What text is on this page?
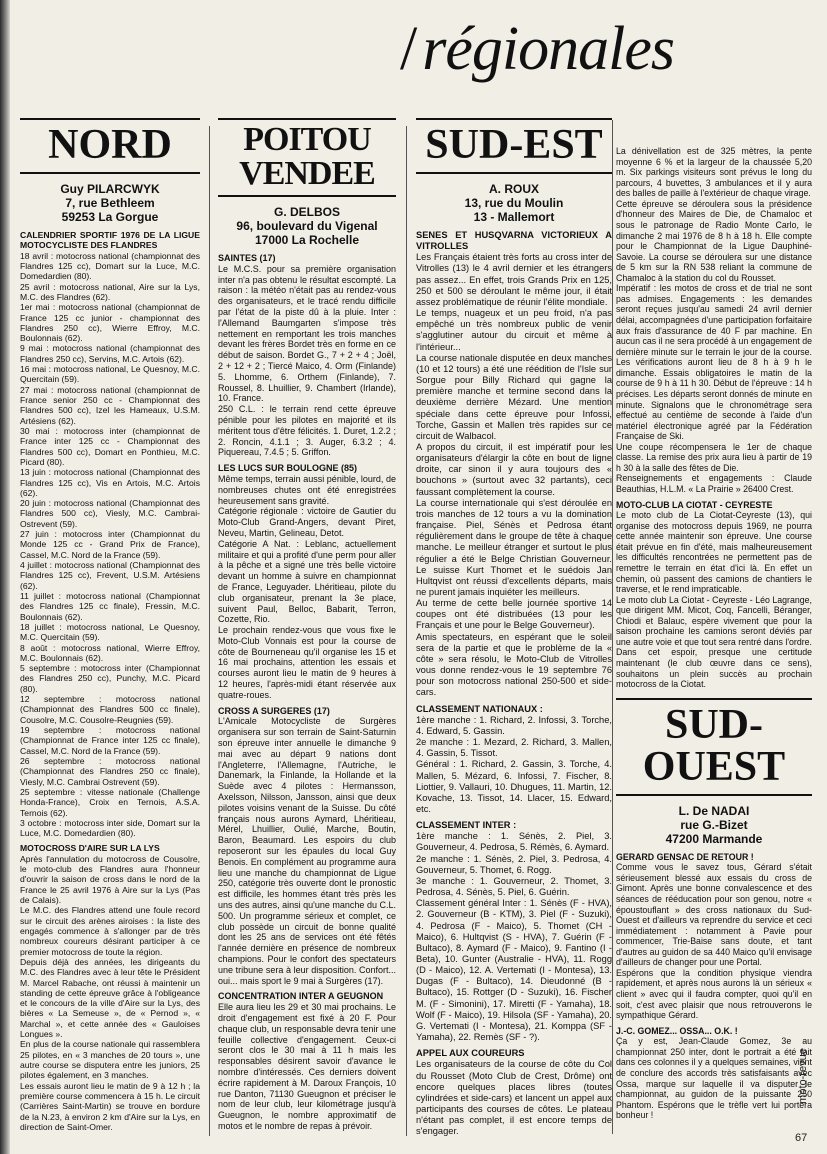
/régionales
NORD
Guy PILARCWYK
7, rue Bethleem
59253 La Gorgue

CALENDRIER SPORTIF 1976 DE LA LIGUE MOTOCYCLISTE DES FLANDRES

18 avril : motocross national (championnat des Flandres 125 cc), Domart sur la Luce, M.C. Domedardien (80).

25 avril : motocross national, Aire sur la Lys, M.C. des Flandres (62).

1er mai : motocross national (championnat de France 125 cc junior - championnat des Flandres 250 cc), Wierre Effroy, M.C. Boulonnais (62).

9 mai : motocross national (championnat des Flandres 250 cc), Servins, M.C. Artois (62).

16 mai : motocross national, Le Quesnoy, M.C. Quercitain (59).

27 mai : motocross national (championnat de France senior 250 cc - Championnat des Flandres 500 cc), Izel les Hameaux, U.S.M. Artésiens (62).

30 mai : motocross inter (championnat de France inter 125 cc - Championnat des Flandres 500 cc), Domart en Ponthieu, M.C. Picard (80).

13 juin : motocross national (Championnat des Flandres 125 cc), Vis en Artois, M.C. Artois (62).

20 juin : motocross national (Championnat des Flandres 500 cc), Viesly, M.C. Cambrai-Ostrevent (59).

27 juin : motocross inter (Championnat du Monde 125 cc - Grand Prix de France), Cassel, M.C. Nord de la France (59).

4 juillet : motocross national (Championnat des Flandres 125 cc), Frevent, U.S.M. Artésiens (62).

11 juillet : motocross national (Championnat des Flandres 125 cc finale), Fressin, M.C. Boulonnais (62).

18 juillet : motocross national, Le Quesnoy, M.C. Quercitain (59).

8 août : motocross national, Wierre Effroy, M.C. Boulonnais (62).

5 septembre : motocross inter (Championnat des Flandres 250 cc), Punchy, M.C. Picard (80).

12 septembre : motocross national (Championnat des Flandres 500 cc finale), Cousolre, M.C. Cousolre-Reugnies (59).

19 septembre : motocross national (Championnat de France inter 125 cc finale), Cassel, M.C. Nord de la France (59).

26 septembre : motocross national (Championnat des Flandres 250 cc finale), Viesly, M.C. Cambrai Ostrevent (59).

25 septembre : vitesse nationale (Challenge Honda-France), Croix en Ternois, A.S.A. Ternois (62).

3 octobre : motocross inter side, Domart sur la Luce, M.C. Domedardien (80).

MOTOCROSS D'AIRE SUR LA LYS

Après l'annulation du motocross de Cousolre, le moto-club des Flandres aura l'honneur d'ouvrir la saison de cross dans le nord de la France le 25 avril 1976 à Aire sur la Lys (Pas de Calais).

Le M.C. des Flandres attend une foule record sur le circuit des arènes airoises : la liste des engagés commence à s'allonger par de très nombreux coureurs désirant participer à ce premier motocross de toute la région.

Depuis déjà des années, les dirigeants du M.C. des Flandres avec à leur tête le Président M. Marcel Rabache, ont réussi à maintenir un standing de cette épreuve grâce à l'obligeance et le concours de la ville d'Aire sur la Lys, des bières « La Semeuse », de « Pernod », « Marchal », et cette année des « Gauloises Longues ».

En plus de la course nationale qui rassemblera 25 pilotes, en « 3 manches de 20 tours », une autre course se disputera entre les juniors, 25 pilotes également, en 3 manches.

Les essais auront lieu le matin de 9 à 12 h ; la première course commencera à 15 h. Le circuit (Carrières Saint-Martin) se trouve en bordure de la N.23, à environ 2 km d'Aire sur la Lys, en direction de Saint-Omer.

POITOU
VENDEE
G. DELBOS
96, boulevard du Vigenal
17000 La Rochelle

SAINTES (17)

Le M.C.S. pour sa première organisation inter n'a pas obtenu le résultat escompté. La raison : la météo n'était pas au rendez-vous des organisateurs, et le tracé rendu difficile par l'état de la piste dû à la pluie. Inter : l'Allemand Baumgarten s'impose très nettement en remportant les trois manches devant les frères Bordet très en forme en ce début de saison. Bordet G., 7 + 2 + 4 ; Joël, 2 + 12 + 2 ; Tiercé Maico, 4. Orm (Finlande) 5. Lhomme, 6. Orthem (Finlande), 7. Roussel, 8. Lhuillier, 9. Chambert (Irlande), 10. France.

250 C.L. : le terrain rend cette épreuve pénible pour les pilotes en majorité et ils méritent tous d'être félicités. 1. Duret, 1.2.2 ; 2. Roncin, 4.1.1 ; 3. Auger, 6.3.2 ; 4. Piquereau, 7.4.5 ; 5. Griffon.

LES LUCS SUR BOULOGNE (85)

Même temps, terrain aussi pénible, lourd, de nombreuses chutes ont été enregistrées heureusement sans gravité.

Catégorie régionale : victoire de Gautier du Moto-Club Grand-Angers, devant Piret, Neveu, Martin, Gelineau, Detot.

Catégorie A Nat. : Leblanc, actuellement militaire et qui a profité d'une perm pour aller à la pêche et a signé une très belle victoire devant un homme à suivre en championnat de France, Leguyader. Lhéritieau, pilote du club organisateur, prenant la 3e place, suivent Paul, Belloc, Babarit, Terron, Cozette, Rio.

Le prochain rendez-vous que vous fixe le Moto-Club Vonnais est pour la course de côte de Bourneneau qu'il organise les 15 et 16 mai prochains, attention les essais et courses auront lieu le matin de 9 heures à 12 heures, l'après-midi étant réservée aux quatre-roues.

CROSS A SURGERES (17)

L'Amicale Motocycliste de Surgères organisera sur son terrain de Saint-Saturnin son épreuve inter annuelle le dimanche 9 mai avec au départ 9 nations dont l'Angleterre, l'Allemagne, l'Autriche, le Danemark, la Finlande, la Hollande et la Suède avec 4 pilotes : Hermansson, Axelsson, Nilsson, Jansson, ainsi que deux pilotes voisins venant de la Suisse. Du côté français nous aurons Aymard, Lhéritieau, Mérel, Lhuillier, Oulié, Marche, Boutin, Baron, Beaumard. Les espoirs du club reposeront sur les épaules du local Guy Benois. En complément au programme aura lieu une manche du championnat de Ligue 250, catégorie très ouverte dont le pronostic est difficile, les hommes étant très près les uns des autres, ainsi qu'une manche du C.L. 500. Un programme sérieux et complet, ce club possède un circuit de bonne qualité dont les 25 ans de services ont été fêtés l'année dernière en présence de nombreux champions. Pour le confort des spectateurs une tribune sera à leur disposition. Confort... oui... mais sport le 9 mai à Surgères (17).

CONCENTRATION INTER A GEUGNON

Elle aura lieu les 29 et 30 mai prochains. Le droit d'engagement est fixé à 20 F. Pour chaque club, un responsable devra tenir une feuille collective d'engagement. Ceux-ci seront clos le 30 mai à 11 h mais les responsables désirent savoir d'avance le nombre d'intéressés. Ces derniers doivent écrire rapidement à M. Daroux François, 10 rue Danton, 71130 Gueugnon et préciser le nom de leur club, leur kilométrage jusqu'à Gueugnon, le nombre approximatif de motos et le nombre de repas à prévoir.

SUD-EST
A. ROUX
13, rue du Moulin
13 - Mallemort

SENES ET HUSQVARNA VICTORIEUX A VITROLLES

Les Français étaient très forts au cross inter de Vitrolles (13) le 4 avril dernier et les étrangers pas assez... En effet, trois Grands Prix en 125, 250 et 500 se déroulant le même jour, il était assez problématique de réunir l'élite mondiale.

Le temps, nuageux et un peu froid, n'a pas empêché un très nombreux public de venir s'agglutiner autour du circuit et même à l'intérieur...

La course nationale disputée en deux manches (10 et 12 tours) a été une réédition de l'Isle sur Sorgue pour Billy Richard qui gagne la première manche et termine second dans la deuxième derrière Mézard. Une mention spéciale dans cette épreuve pour Infossi, Torche, Gassin et Mallen très rapides sur ce circuit de Walbacol.

A propos du circuit, il est impératif pour les organisateurs d'élargir la côte en bout de ligne droite, car sinon il y aura toujours des « bouchons » (surtout avec 32 partants), ceci faussant complètement la course.

La course internationale qui s'est déroulée en trois manches de 12 tours a vu la domination française. Piel, Sénès et Pedrosa étant régulièrement dans le groupe de tête à chaque manche. Le meilleur étranger et surtout le plus régulier a été le Belge Christian Gouverneur. Le suisse Kurt Thomet et le suédois Jan Hultqvist ont réussi d'excellents départs, mais ne purent jamais inquiéter les meilleurs.

Au terme de cette belle journée sportive 14 coupes ont été distribuées (13 pour les Français et une pour le Belge Gouverneur).

Amis spectateurs, en espérant que le soleil sera de la partie et que le problème de la « côte » sera résolu, le Moto-Club de Vitrolles vous donne rendez-vous le 19 septembre 76 pour son motocross national 250-500 et side-cars.

CLASSEMENT NATIONAUX :

1ère manche : 1. Richard, 2. Infossi, 3. Torche, 4. Edward, 5. Gassin.

2e manche : 1. Mezard, 2. Richard, 3. Mallen, 4. Gassin, 5. Tissot.

Général : 1. Richard, 2. Gassin, 3. Torche, 4. Mallen, 5. Mézard, 6. Infossi, 7. Fischer, 8. Liottier, 9. Vallauri, 10. Dhugues, 11. Martin, 12. Kovache, 13. Tissot, 14. Llacer, 15. Edward, etc.

CLASSEMENT INTER :

1ère manche : 1. Sénès, 2. Piel, 3. Gouverneur, 4. Pedrosa, 5. Rémès, 6. Aymard.

2e manche : 1. Sénès, 2. Piel, 3. Pedrosa, 4. Gouverneur, 5. Thomet, 6. Rogg.

3e manche : 1. Gouverneur, 2. Thomet, 3. Pedrosa, 4. Sénès, 5. Piel, 6. Guérin.

Classement général Inter : 1. Sénès (F - HVA), 2. Gouverneur (B - KTM), 3. Piel (F - Suzuki), 4. Pedrosa (F - Maico), 5. Thomet (CH - Maico), 6. Hultqvist (S - HVA), 7. Guérin (F - Bultaco), 8. Aymard (F - Maico), 9. Fantino (I - Beta), 10. Gunter (Australie - HVA), 11. Rogg (D - Maico), 12. A. Vertemati (I - Montesa), 13. Dugas (F - Bultaco), 14. Dieudonné (B - Bultaco), 15. Rottger (D - Suzuki), 16. Fischer M. (F - Simonini), 17. Miretti (F - Yamaha), 18. Wolf (F - Maico), 19. Hilsola (SF - Yamaha), 20. G. Vertemati (I - Montesa), 21. Komppa (SF - Yamaha), 22. Remès (SF - ?).

APPEL AUX COUREURS

Les organisateurs de la course de côte du Col du Rousset (Moto Club de Crest, Drôme) ont encore quelques places libres (toutes cylindrées et side-cars) et lancent un appel aux participants des courses de côtes. Le plateau n'étant pas complet, il est encore temps de s'engager.

La dénivellation est de 325 mètres, la pente moyenne 6 % et la largeur de la chaussée 5,20 m. Six parkings visiteurs sont prévus le long du parcours, 4 buvettes, 3 ambulances et il y aura des balles de paille à l'extérieur de chaque virage.

Cette épreuve se déroulera sous la présidence d'honneur des Maires de Die, de Chamaloc et sous le patronage de Radio Monte Carlo, le dimanche 2 mai 1976 de 8 h à 18 h. Elle compte pour le Championnat de la Ligue Dauphiné-Savoie. La course se déroulera sur une distance de 5 km sur la RN 538 reliant la commune de Chamaloc à la station du col du Rousset.

Impératif : les motos de cross et de trial ne sont pas admises. Engagements : les demandes seront reçues jusqu'au samedi 24 avril dernier délai, accompagnées d'une participation forfaitaire aux frais d'assurance de 40 F par machine. En aucun cas il ne sera procédé à un engagement de dernière minute sur le terrain le jour de la course. Les vérifications auront lieu de 8 h à 9 h le dimanche. Essais obligatoires le matin de la course de 9 h à 11 h 30. Début de l'épreuve : 14 h précises. Les départs seront donnés de minute en minute. Signalons que le chronométrage sera effectué au centième de seconde à l'aide d'un matériel électronique agréé par la Fédération Française de Ski.

Une coupe récompensera le 1er de chaque classe. La remise des prix aura lieu à partir de 19 h 30 à la salle des fêtes de Die.

Renseignements et engagements : Claude Beauthias, H.L.M. « La Prairie » 26400 Crest.

MOTO-CLUB LA CIOTAT - CEYRESTE

Le moto club de La Ciotat-Ceyreste (13), qui organise des motocross depuis 1969, ne pourra cette année maintenir son épreuve. Une course était prévue en fin d'été, mais malheureusement les difficultés rencontrées ne permettent pas de remettre le terrain en état d'ici là. En effet un chemin, où passent des camions de chantiers le traverse, et le rend impraticable.

Le moto club La Ciotat - Ceyreste - Léo Lagrange, que dirigent MM. Micot, Coq, Fancelli, Béranger, Chiodi et Balauc, espère vivement que pour la saison prochaine les camions seront déviés par une autre voie et que tout sera rentré dans l'ordre. Dans cet espoir, presque une certitude maintenant (le club œuvre dans ce sens), souhaitons un plein succès au prochain motocross de la Ciotat.

SUD-OUEST
L. De NADAI
rue G.-Bizet
47200 Marmande

GERARD GENSAC DE RETOUR !

Comme vous le savez tous, Gérard s'était sérieusement blessé aux essais du cross de Gimont. Après une bonne convalescence et des séances de rééducation pour son genou, notre « époustouflant » des cross nationaux du Sud-Ouest et d'ailleurs va reprendre du service et ceci immédiatement : notamment à Pavie pour commencer, Trie-Baise sans doute, et tant d'autres au guidon de sa 440 Maico qu'il envisage d'ailleurs de changer pour une Portal.

Espérons que la condition physique viendra rapidement, et après nous aurons là un sérieux « client » avec qui il faudra compter, quoi qu'il en soit, c'est avec plaisir que nous retrouverons le sympathique Gérard.

J.-C. GOMEZ... OSSA... O.K. !

Ça y est, Jean-Claude Gomez, 3e au championnat 250 inter, dont le portrait a été fait dans ces colonnes il y a quelques semaines, vient de conclure des accords très satisfaisants avec Ossa, marque sur laquelle il va disputer le championnat, au guidon de la puissante 250 Phantom. Espérons que le trèfle vert lui portera bonheur !

moto-revue
67
